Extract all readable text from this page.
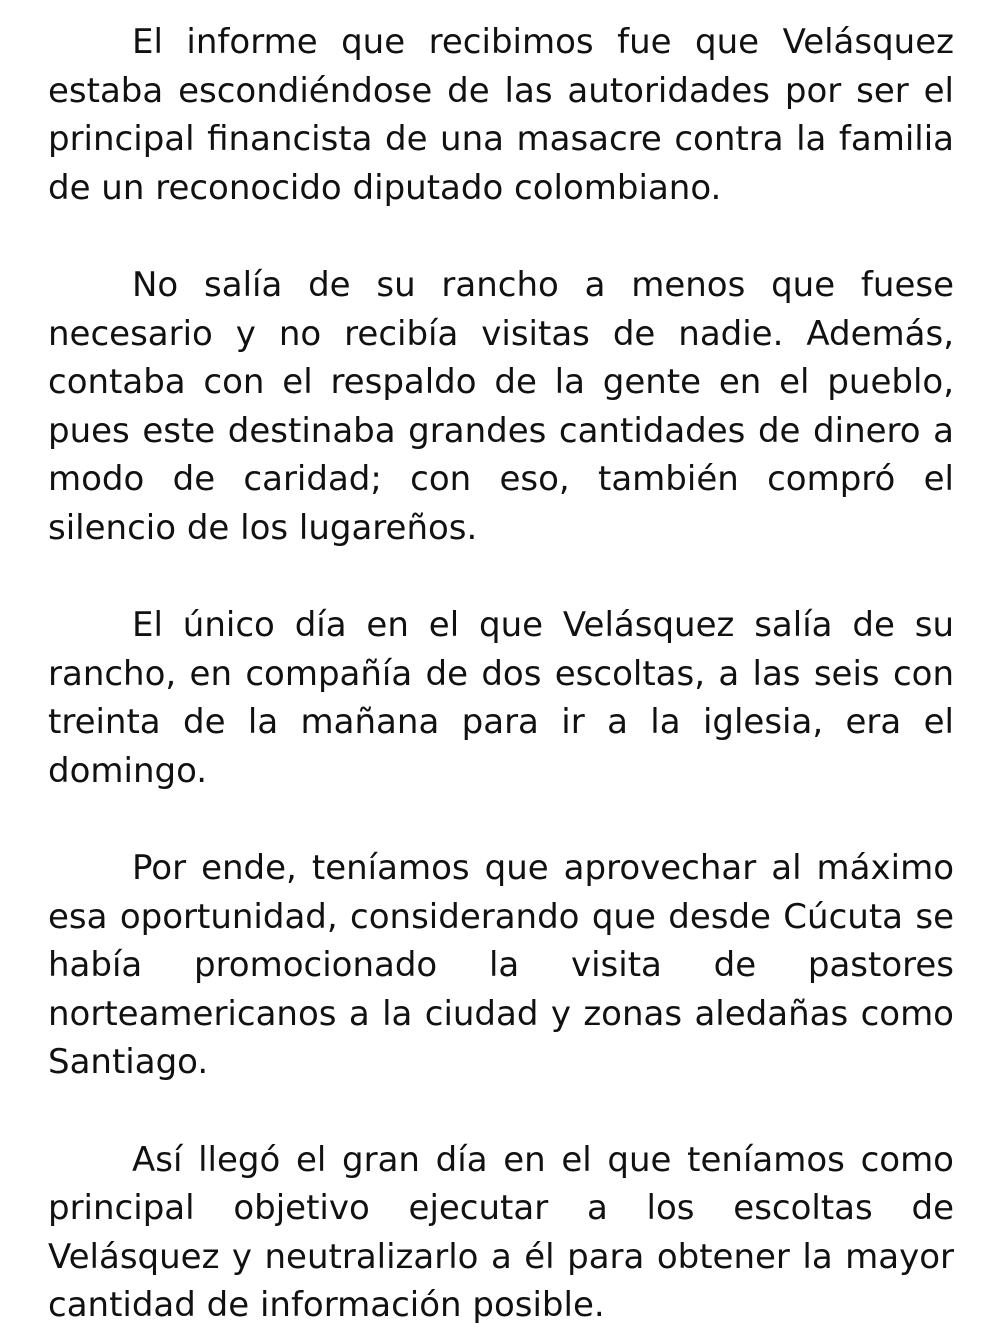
El informe que recibimos fue que Velásquez estaba escondiéndose de las autoridades por ser el principal financista de una masacre contra la familia de un reconocido diputado colombiano.

No salía de su rancho a menos que fuese necesario y no recibía visitas de nadie. Además, contaba con el respaldo de la gente en el pueblo, pues este destinaba grandes cantidades de dinero a modo de caridad; con eso, también compró el silencio de los lugareños.

El único día en el que Velásquez salía de su rancho, en compañía de dos escoltas, a las seis con treinta de la mañana para ir a la iglesia, era el domingo.

Por ende, teníamos que aprovechar al máximo esa oportunidad, considerando que desde Cúcuta se había promocionado la visita de pastores norteamericanos a la ciudad y zonas aledañas como Santiago.

Así llegó el gran día en el que teníamos como principal objetivo ejecutar a los escoltas de Velásquez y neutralizarlo a él para obtener la mayor cantidad de información posible.
